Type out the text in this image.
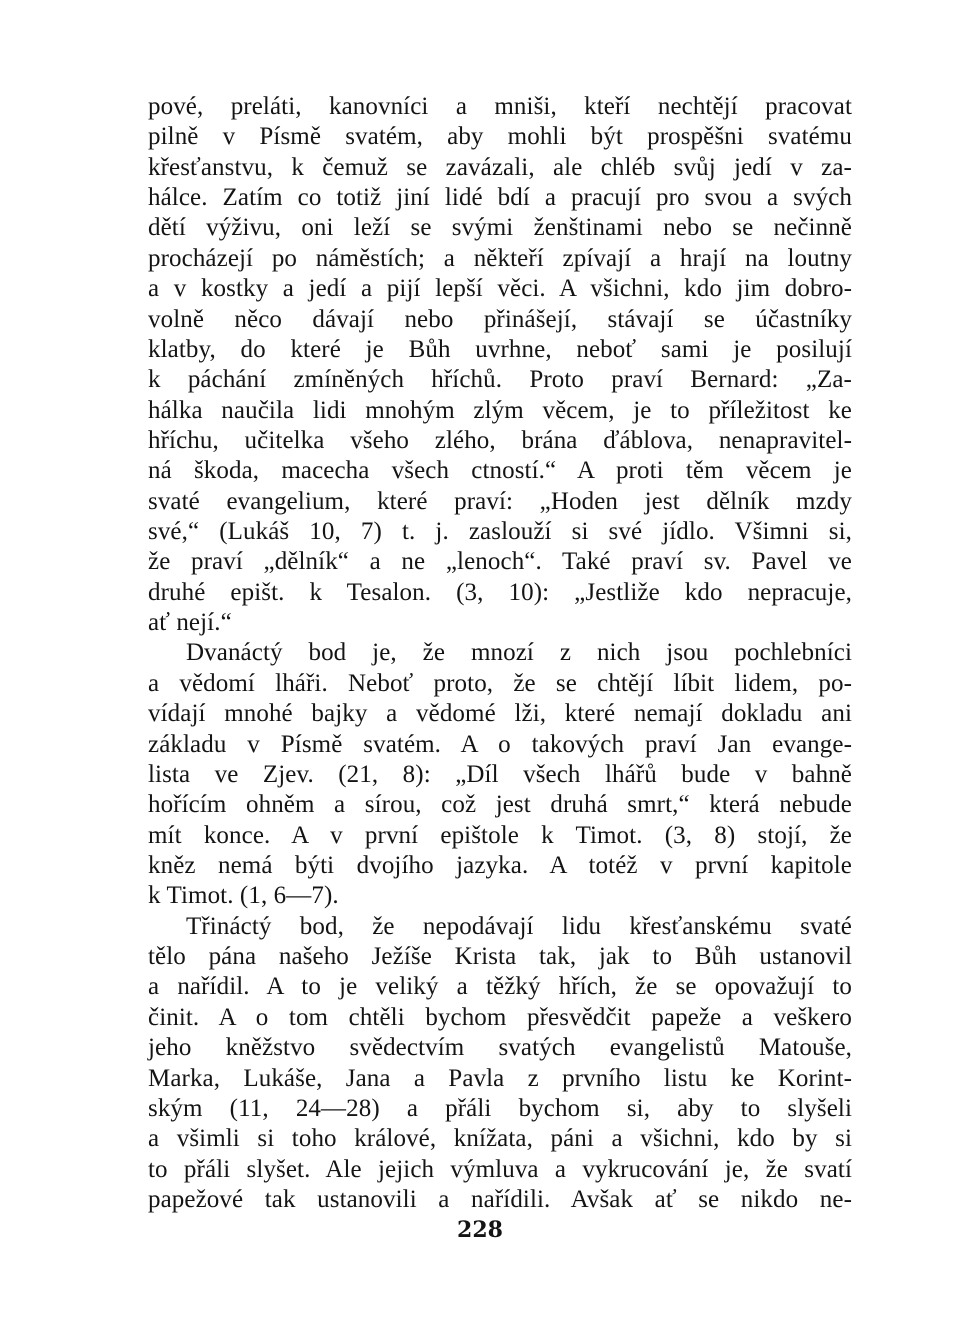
pové, preláti, kanovníci a mniši, kteří nechtějí pracovat
pilně v Písmě svatém, aby mohli být prospěšni svatému
křesťanstvu, k čemuž se zavázali, ale chléb svůj jedí v za-
hálce. Zatím co totiž jiní lidé bdí a pracují pro svou a svých
dětí výživu, oni leží se svými ženštinami nebo se nečinně
procházejí po náměstích; a někteří zpívají a hrají na loutny
a v kostky a jedí a pijí lepší věci. A všichni, kdo jim dobro-
volně něco dávají nebo přinášejí, stávají se účastníky
klatby, do které je Bůh uvrhne, neboť sami je posilují
k páchání zmíněných hříchů. Proto praví Bernard: „Za-
hálka naučila lidi mnohým zlým věcem, je to příležitost ke
hříchu, učitelka všeho zlého, brána ďáblova, nenapravitel-
ná škoda, macecha všech ctností.“ A proti těm věcem je
svaté evangelium, které praví: „Hoden jest dělník mzdy
své,“ (Lukáš 10, 7) t. j. zaslouží si své jídlo. Všimni si,
že praví „dělník“ a ne „lenoch“. Také praví sv. Pavel ve
druhé epišt. k Tesalon. (3, 10): „Jestliže kdo nepracuje,
ať nejí.“
Dvanáctý bod je, že mnozí z nich jsou pochlebníci
a vědomí lháři. Neboť proto, že se chtějí líbit lidem, po-
vídají mnohé bajky a vědomé lži, které nemají dokladu ani
základu v Písmě svatém. A o takových praví Jan evange-
lista ve Zjev. (21, 8): „Díl všech lhářů bude v bahně
hořícím ohněm a sírou, což jest druhá smrt,“ která nebude
mít konce. A v první epištole k Timot. (3, 8) stojí, že
kněz nemá býti dvojího jazyka. A totéž v první kapitole
k Timot. (1, 6—7).
Třináctý bod, že nepodávají lidu křesťanskému svaté
tělo pána našeho Ježíše Krista tak, jak to Bůh ustanovil
a nařídil. A to je veliký a těžký hřích, že se opovažují to
činit. A o tom chtěli bychom přesvědčit papeže a veškero
jeho kněžstvo svědectvím svatých evangelistů Matouše,
Marka, Lukáše, Jana a Pavla z prvního listu ke Korint-
ským (11, 24—28) a přáli bychom si, aby to slyšeli
a všimli si toho králové, knížata, páni a všichni, kdo by si
to přáli slyšet. Ale jejich výmluva a vykrucování je, že svatí
papežové tak ustanovili a nařídili. Avšak ať se nikdo ne-
228
